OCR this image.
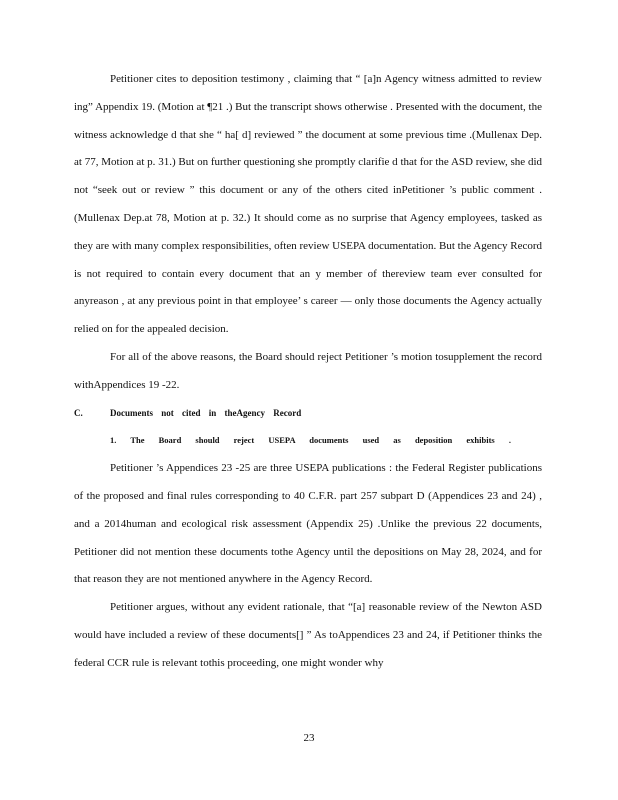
Petitioner cites to deposition testimony , claiming that “ [a]n Agency witness admitted to review ing” Appendix 19. (Motion at ¶21 .) But the transcript shows otherwise . Presented with the document, the witness acknowledge d that she “ ha[ d] reviewed ” the document at some previous time .(Mullenax Dep. at 77, Motion at p. 31.) But on further questioning she promptly clarifie d that for the ASD review, she did not “seek out or review ” this document or any of the others cited inPetitioner ’s public comment .(Mullenax Dep.at 78, Motion at p. 32.) It should come as no surprise that Agency employees, tasked as they are with many complex responsibilities, often review USEPA documentation. But the Agency Record is not required to contain every document that an y member of thereview team ever consulted for anyreason , at any previous point in that employee’ s career — only those documents the Agency actually relied on for the appealed decision.

For all of the above reasons, the Board should reject Petitioner ’s motion tosupplement the record withAppendices 19 -22.

C.	Documents not cited in theAgency Record
1. The Board should reject USEPA documents used as deposition exhibits .

Petitioner ’s Appendices 23 -25 are three USEPA publications : the Federal Register publications of the proposed and final rules corresponding to 40 C.F.R. part 257 subpart D (Appendices 23 and 24) , and a 2014human and ecological risk assessment (Appendix 25) .Unlike the previous 22 documents, Petitioner did not mention these documents tothe Agency until the depositions on May 28, 2024, and for that reason they are not mentioned anywhere in the Agency Record.

Petitioner argues, without any evident rationale, that “[a] reasonable review of the Newton ASD would have included a review of these documents[] ” As toAppendices 23 and 24, if Petitioner thinks the federal CCR rule is relevant tothis proceeding, one might wonder why

23
